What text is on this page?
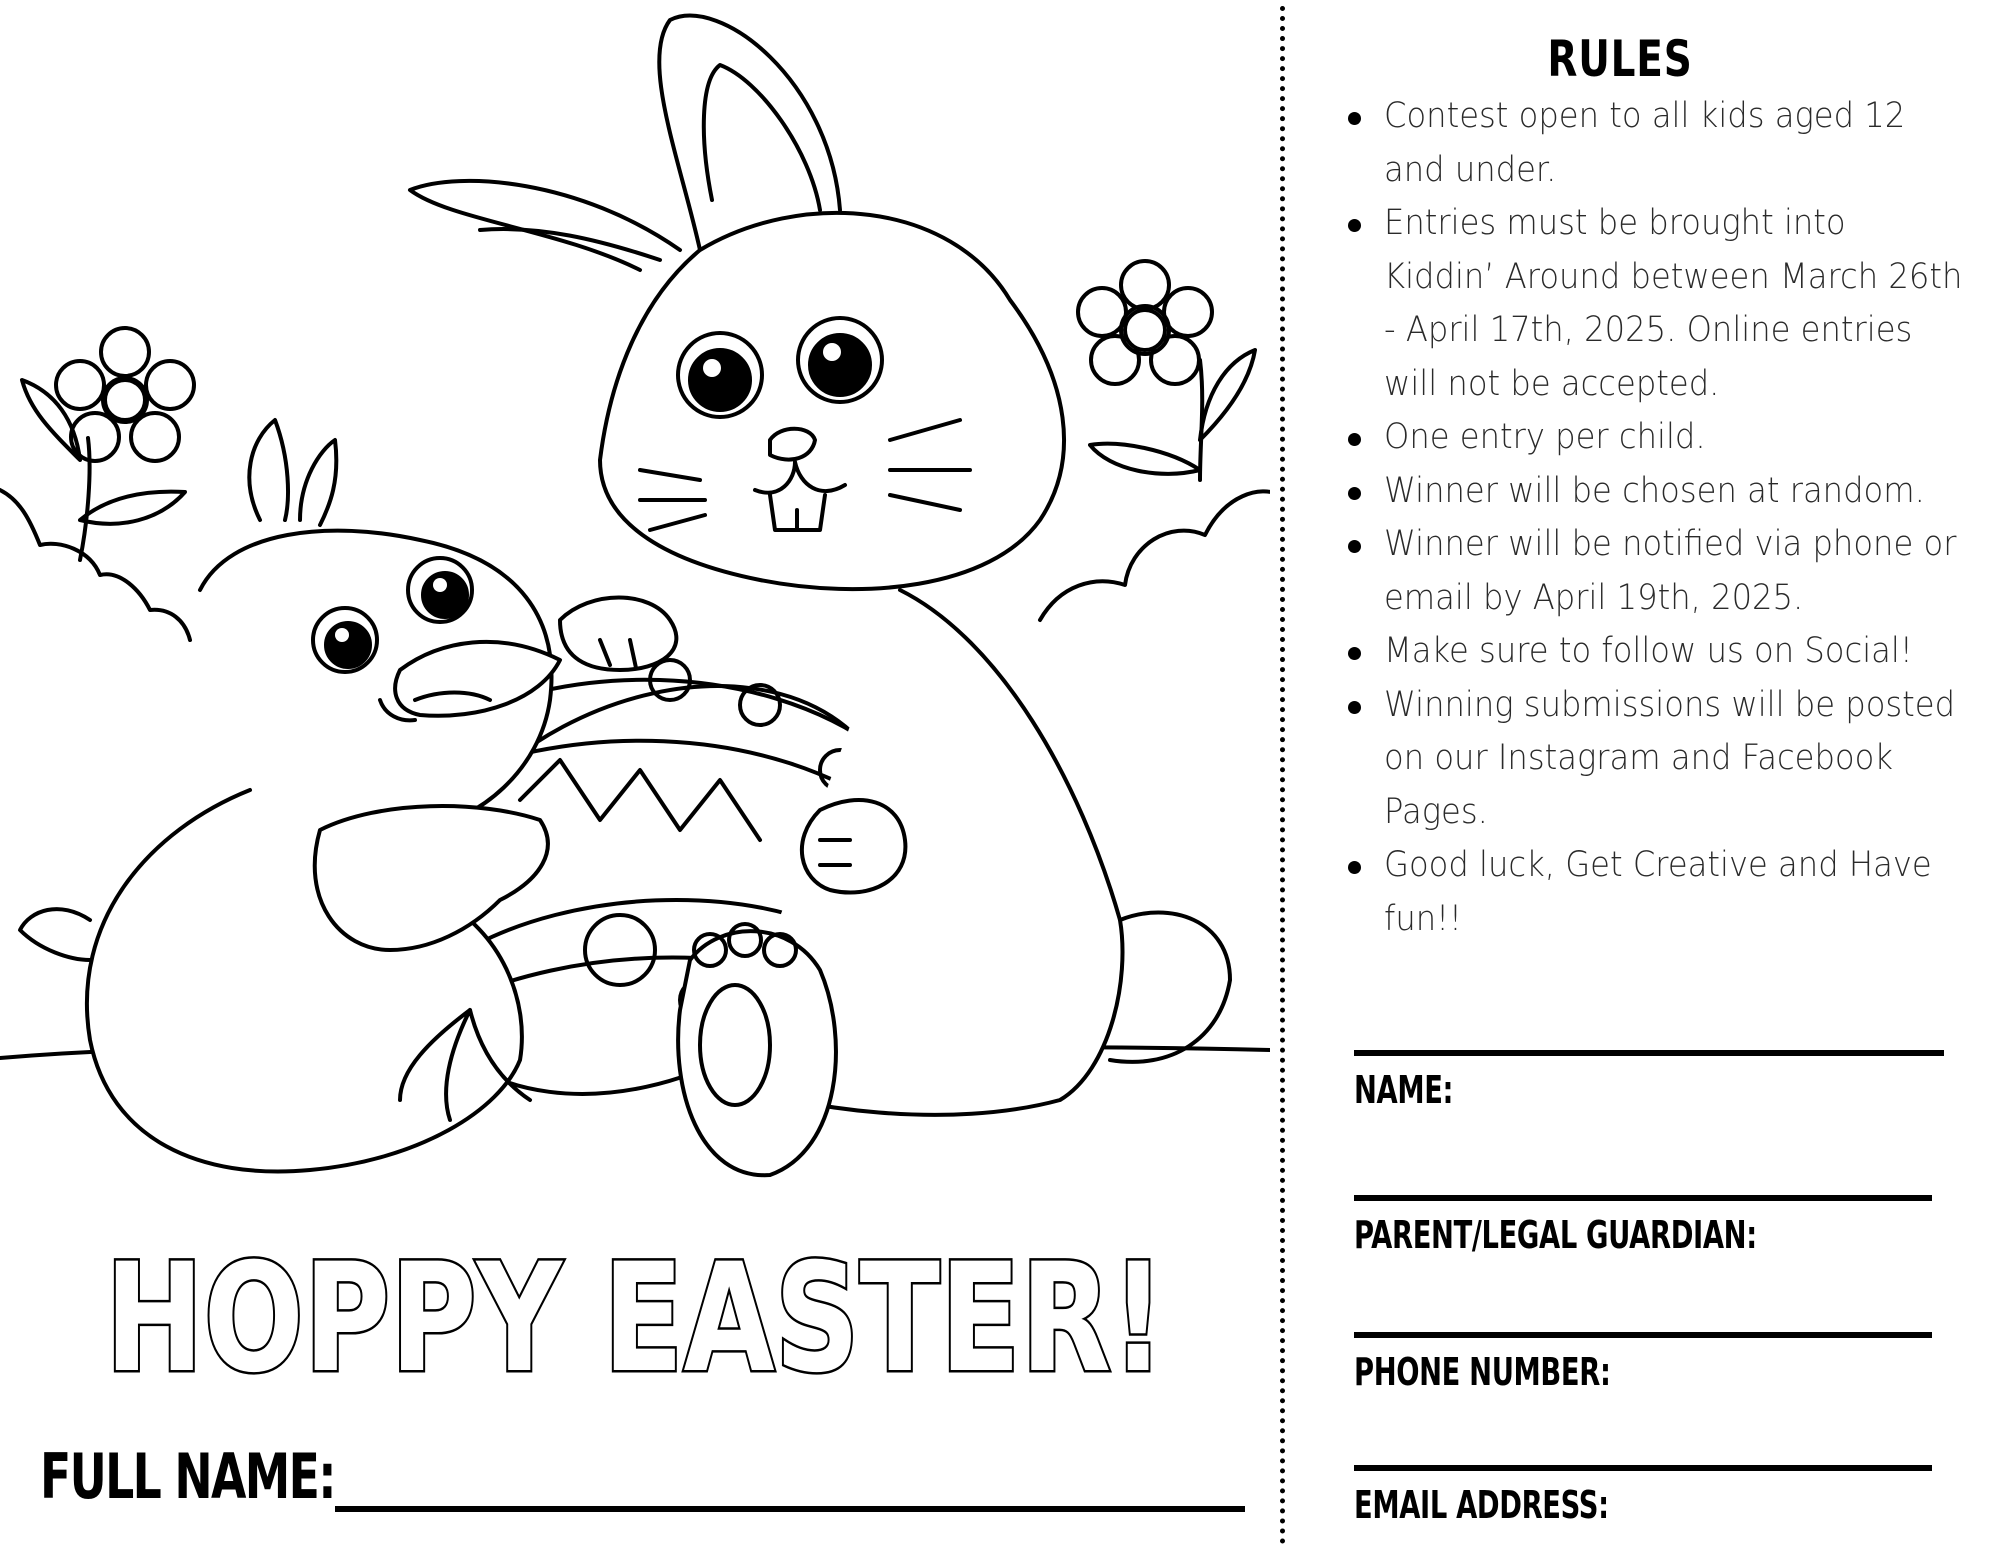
HOPPY EASTER!
FULL NAME:
RULES
Contest open to all kids aged 12 and under.
Entries must be brought into Kiddin’ Around between March 26th - April 17th, 2025. Online entries will not be accepted.
One entry per child.
Winner will be chosen at random.
Winner will be notified via phone or email by April 19th, 2025.
Make sure to follow us on Social!
Winning submissions will be posted on our Instagram and Facebook Pages.
Good luck, Get Creative and Have fun!!
NAME:
PARENT/LEGAL GUARDIAN:
PHONE NUMBER:
EMAIL ADDRESS:
